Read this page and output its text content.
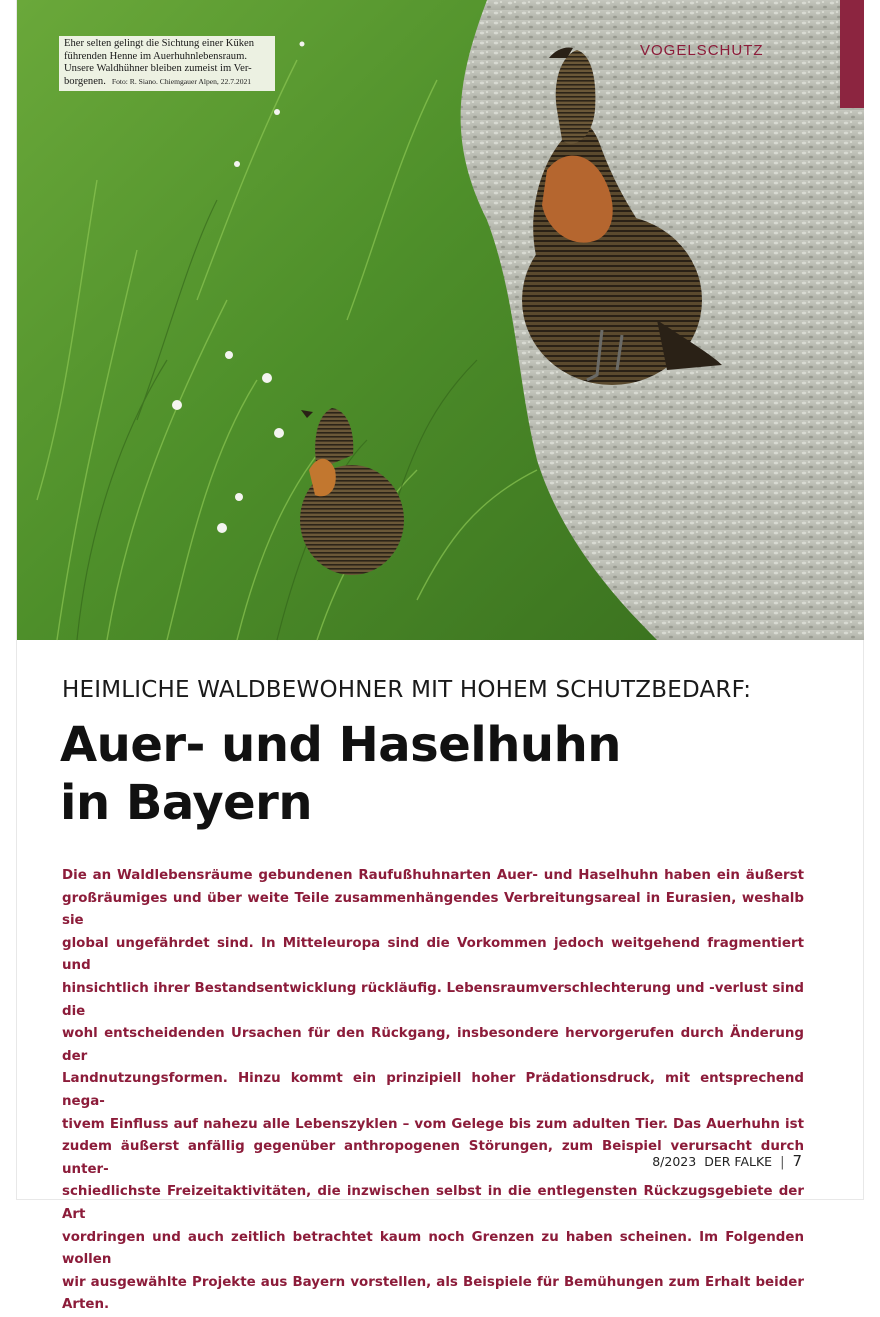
Eher selten gelingt die Sichtung einer Küken
führenden Henne im Auerhuhnlebensraum.
Unsere Waldhühner bleiben zumeist im Ver-
borgenen. Foto: R. Siano. Chiemgauer Alpen, 22.7.2021
VOGELSCHUTZ
HEIMLICHE WALDBEWOHNER MIT HOHEM SCHUTZBEDARF:
Auer- und Haselhuhn
in Bayern
Die an Waldlebensräume gebundenen Raufußhuhnarten Auer- und Haselhuhn haben ein äußerst
großräumiges und über weite Teile zusammenhängendes Verbreitungsareal in Eurasien, weshalb sie
global ungefährdet sind. In Mitteleuropa sind die Vorkommen jedoch weitgehend fragmentiert und
hinsichtlich ihrer Bestandsentwicklung rückläufig. Lebensraumverschlechterung und -verlust sind die
wohl entscheidenden Ursachen für den Rückgang, insbesondere hervorgerufen durch Änderung der
Landnutzungsformen. Hinzu kommt ein prinzipiell hoher Prädationsdruck, mit entsprechend nega-
tivem Einfluss auf nahezu alle Lebenszyklen – vom Gelege bis zum adulten Tier. Das Auerhuhn ist
zudem äußerst anfällig gegenüber anthropogenen Störungen, zum Beispiel verursacht durch unter-
schiedlichste Freizeitaktivitäten, die inzwischen selbst in die entlegensten Rückzugsgebiete der Art
vordringen und auch zeitlich betrachtet kaum noch Grenzen zu haben scheinen. Im Folgenden wollen
wir ausgewählte Projekte aus Bayern vorstellen, als Beispiele für Bemühungen zum Erhalt beider Arten.
8/2023 DER FALKE | 7
